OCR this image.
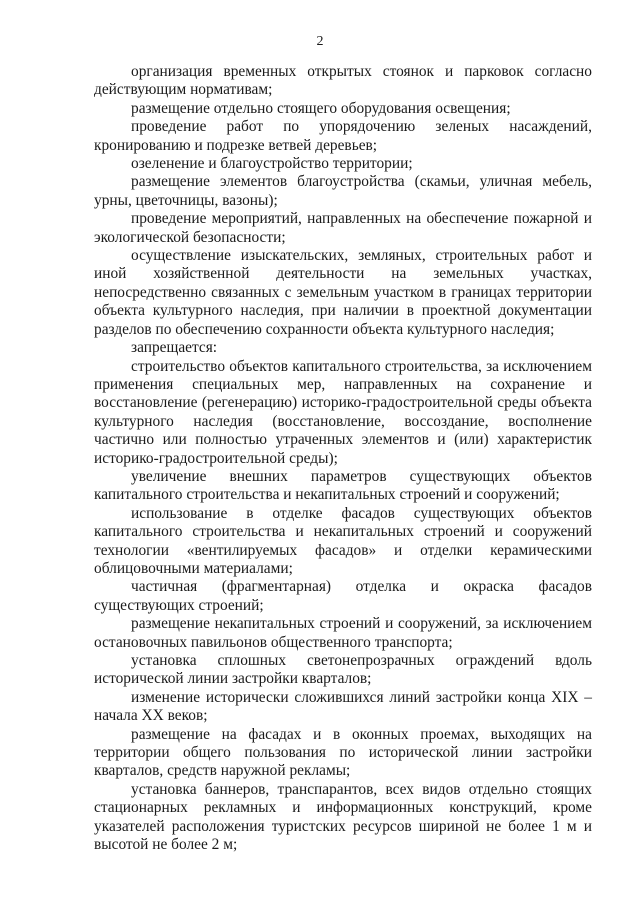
2

организация временных открытых стоянок и парковок согласно действующим нормативам;

размещение отдельно стоящего оборудования освещения;

проведение работ по упорядочению зеленых насаждений, кронированию и подрезке ветвей деревьев;

озеленение и благоустройство территории;

размещение элементов благоустройства (скамьи, уличная мебель, урны, цветочницы, вазоны);

проведение мероприятий, направленных на обеспечение пожарной и экологической безопасности;

осуществление изыскательских, земляных, строительных работ и иной хозяйственной деятельности на земельных участках, непосредственно связанных с земельным участком в границах территории объекта культурного наследия, при наличии в проектной документации разделов по обеспечению сохранности объекта культурного наследия;

запрещается:

строительство объектов капитального строительства, за исключением применения специальных мер, направленных на сохранение и восстановление (регенерацию) историко-градостроительной среды объекта культурного наследия (восстановление, воссоздание, восполнение частично или полностью утраченных элементов и (или) характеристик историко-градостроительной среды);

увеличение внешних параметров существующих объектов капитального строительства и некапитальных строений и сооружений;

использование в отделке фасадов существующих объектов капитального строительства и некапитальных строений и сооружений технологии «вентилируемых фасадов» и отделки керамическими облицовочными материалами;

частичная (фрагментарная) отделка и окраска фасадов существующих строений;

размещение некапитальных строений и сооружений, за исключением остановочных павильонов общественного транспорта;

установка сплошных светонепрозрачных ограждений вдоль исторической линии застройки кварталов;

изменение исторически сложившихся линий застройки конца XIX – начала XX веков;

размещение на фасадах и в оконных проемах, выходящих на территории общего пользования по исторической линии застройки кварталов, средств наружной рекламы;

установка баннеров, транспарантов, всех видов отдельно стоящих стационарных рекламных и информационных конструкций, кроме указателей расположения туристских ресурсов шириной не более 1 м и высотой не более 2 м;
